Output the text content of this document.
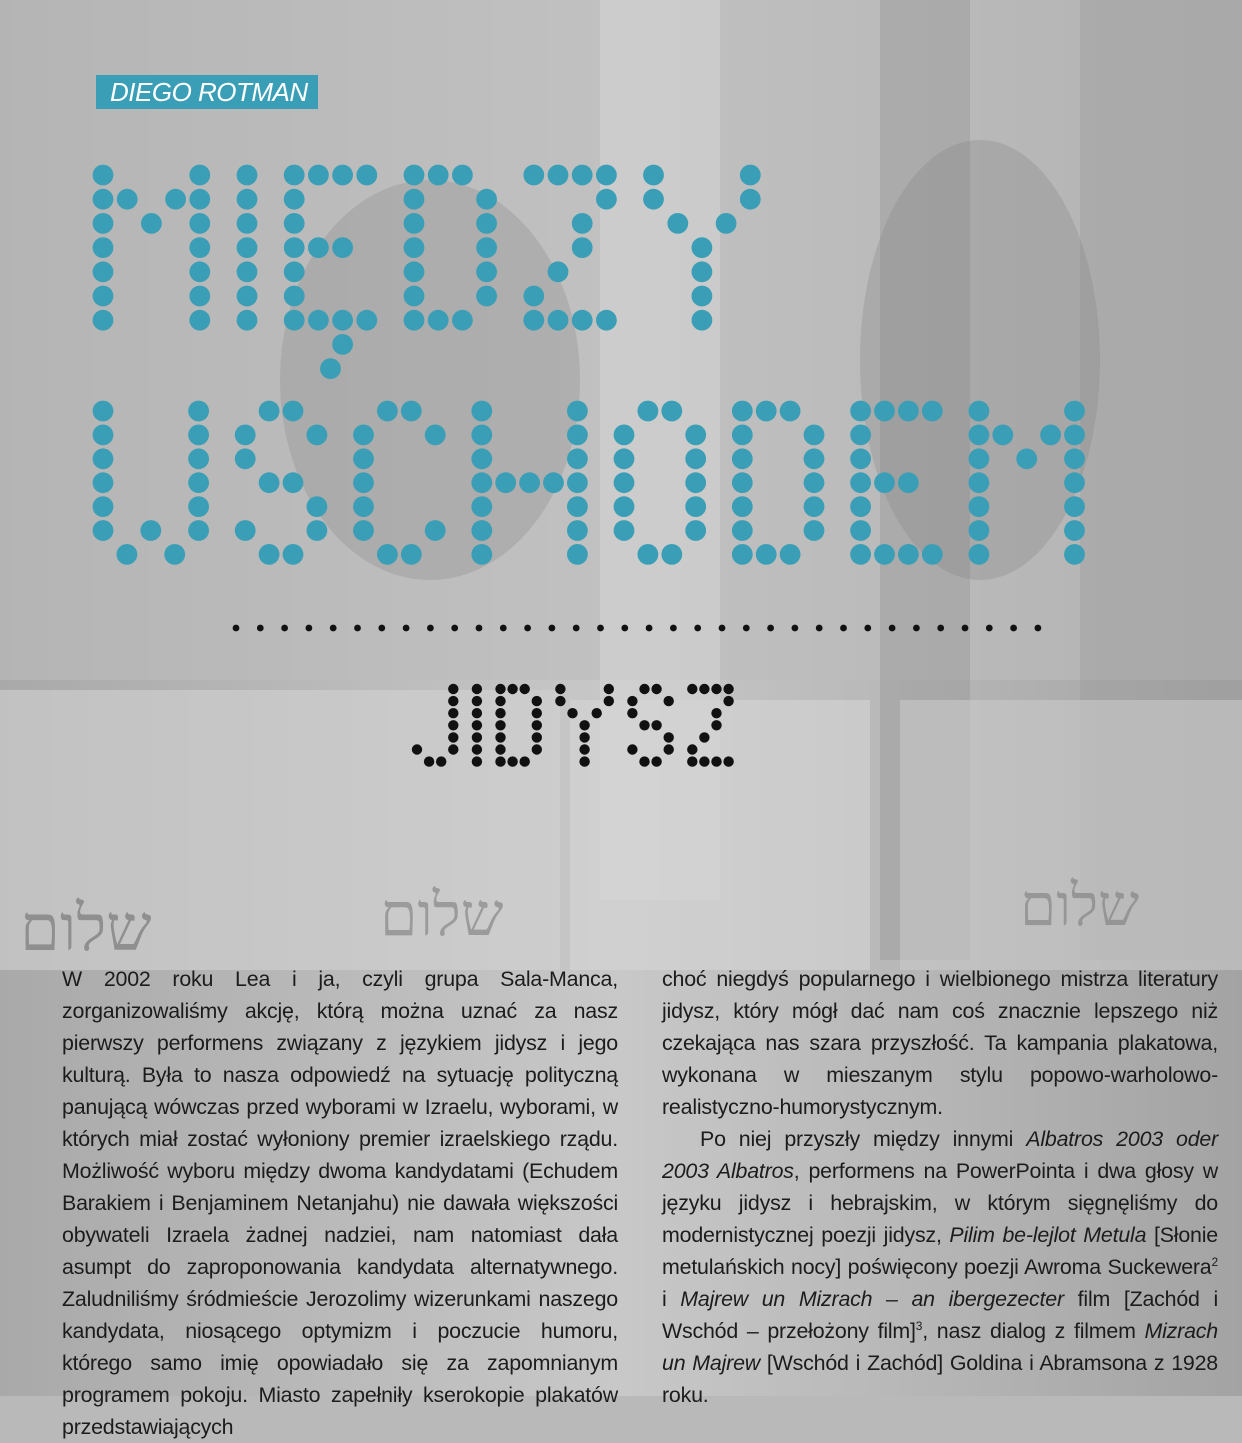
שלום	שלום	שלום
DIEGO ROTMAN

W 2002 roku Lea i ja, czyli grupa Sala-Manca, zorganizowaliśmy akcję, którą można uznać za nasz pierwszy performens związany z językiem jidysz i jego kulturą. Była to nasza odpowiedź na sytuację polityczną panującą wówczas przed wyborami w Izraelu, wyborami, w których miał zostać wyłoniony premier izraelskiego rządu. Możliwość wyboru między dwoma kandydatami (Echudem Barakiem i Benjaminem Netanjahu) nie dawała większości obywateli Izraela żadnej nadziei, nam natomiast dała asumpt do zaproponowania kandydata alternatywnego. Zaludniliśmy śródmieście Jerozolimy wizerunkami naszego kandydata, niosącego optymizm i poczucie humoru, którego samo imię opowiadało się za zapomnianym programem pokoju. Miasto zapełniły kserokopie plakatów przedstawiających

choć niegdyś popularnego i wielbionego mistrza literatury jidysz, który mógł dać nam coś znacznie lepszego niż czekająca nas szara przyszłość. Ta kampania plakatowa, wykonana w mieszanym stylu popowo-warholowo-realistyczno-humorystycznym.

Po niej przyszły między innymi Albatros 2003 oder 2003 Albatros, performens na PowerPointa i dwa głosy w języku jidysz i hebrajskim, w którym sięgnęliśmy do modernistycznej poezji jidysz, Pilim be-lejlot Metula [Słonie metulańskich nocy] poświęcony poezji Awroma Suckewera$^2$ i Majrew un Mizrach – an ibergezecter film [Zachód i Wschód – przełożony film]$^3$, nasz dialog z filmem Mizrach un Majrew [Wschód i Zachód] Goldina i Abramsona z 1928 roku.
